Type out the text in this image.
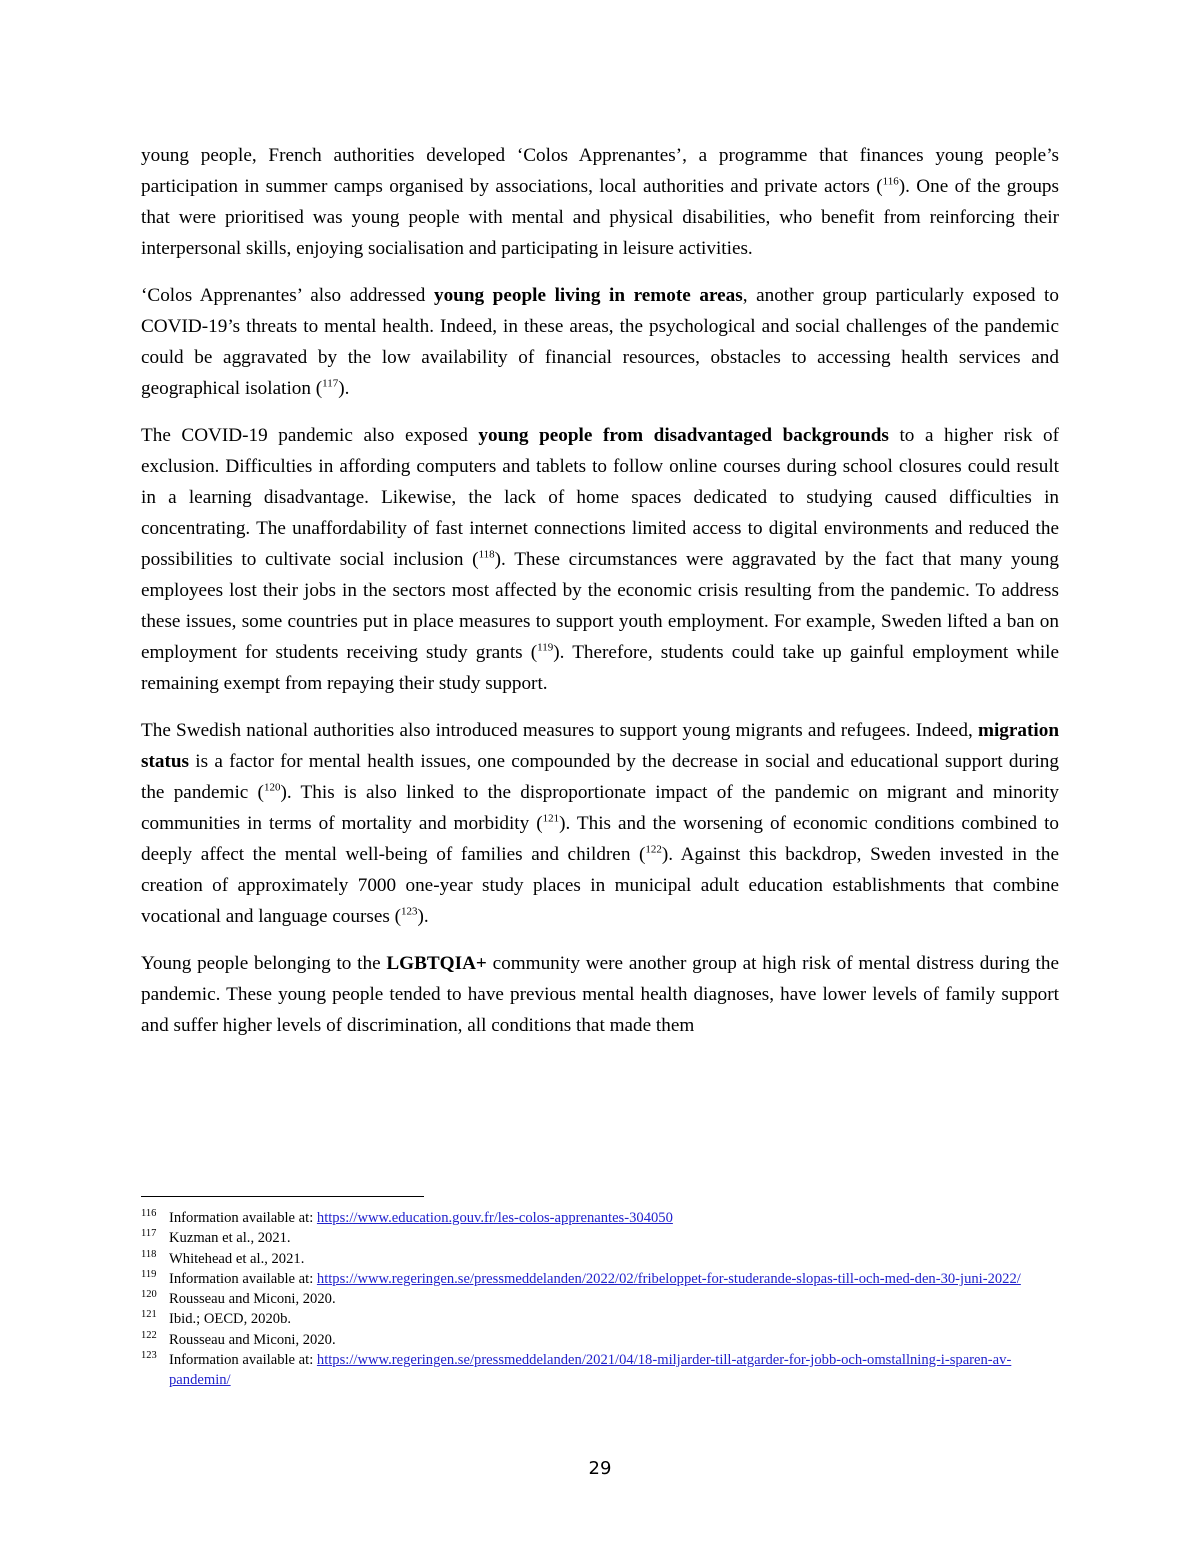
young people, French authorities developed ‘Colos Apprenantes’, a programme that finances young people’s participation in summer camps organised by associations, local authorities and private actors ($^{116}$). One of the groups that were prioritised was young people with mental and physical disabilities, who benefit from reinforcing their interpersonal skills, enjoying socialisation and participating in leisure activities.

‘Colos Apprenantes’ also addressed young people living in remote areas, another group particularly exposed to COVID-19’s threats to mental health. Indeed, in these areas, the psychological and social challenges of the pandemic could be aggravated by the low availability of financial resources, obstacles to accessing health services and geographical isolation ($^{117}$).

The COVID-19 pandemic also exposed young people from disadvantaged backgrounds to a higher risk of exclusion. Difficulties in affording computers and tablets to follow online courses during school closures could result in a learning disadvantage. Likewise, the lack of home spaces dedicated to studying caused difficulties in concentrating. The unaffordability of fast internet connections limited access to digital environments and reduced the possibilities to cultivate social inclusion ($^{118}$). These circumstances were aggravated by the fact that many young employees lost their jobs in the sectors most affected by the economic crisis resulting from the pandemic. To address these issues, some countries put in place measures to support youth employment. For example, Sweden lifted a ban on employment for students receiving study grants ($^{119}$). Therefore, students could take up gainful employment while remaining exempt from repaying their study support.

The Swedish national authorities also introduced measures to support young migrants and refugees. Indeed, migration status is a factor for mental health issues, one compounded by the decrease in social and educational support during the pandemic ($^{120}$). This is also linked to the disproportionate impact of the pandemic on migrant and minority communities in terms of mortality and morbidity ($^{121}$). This and the worsening of economic conditions combined to deeply affect the mental well-being of families and children ($^{122}$). Against this backdrop, Sweden invested in the creation of approximately 7000 one-year study places in municipal adult education establishments that combine vocational and language courses ($^{123}$).

Young people belonging to the LGBTQIA+ community were another group at high risk of mental distress during the pandemic. These young people tended to have previous mental health diagnoses, have lower levels of family support and suffer higher levels of discrimination, all conditions that made them

116 Information available at: https://www.education.gouv.fr/les-colos-apprenantes-304050
117 Kuzman et al., 2021.
118 Whitehead et al., 2021.
119 Information available at: https://www.regeringen.se/pressmeddelanden/2022/02/fribeloppet-for-studerande-slopas-till-och-med-den-30-juni-2022/
120 Rousseau and Miconi, 2020.
121 Ibid.; OECD, 2020b.
122 Rousseau and Miconi, 2020.
123 Information available at: https://www.regeringen.se/pressmeddelanden/2021/04/18-miljarder-till-atgarder-for-jobb-och-omstallning-i-sparen-av-pandemin/
29
